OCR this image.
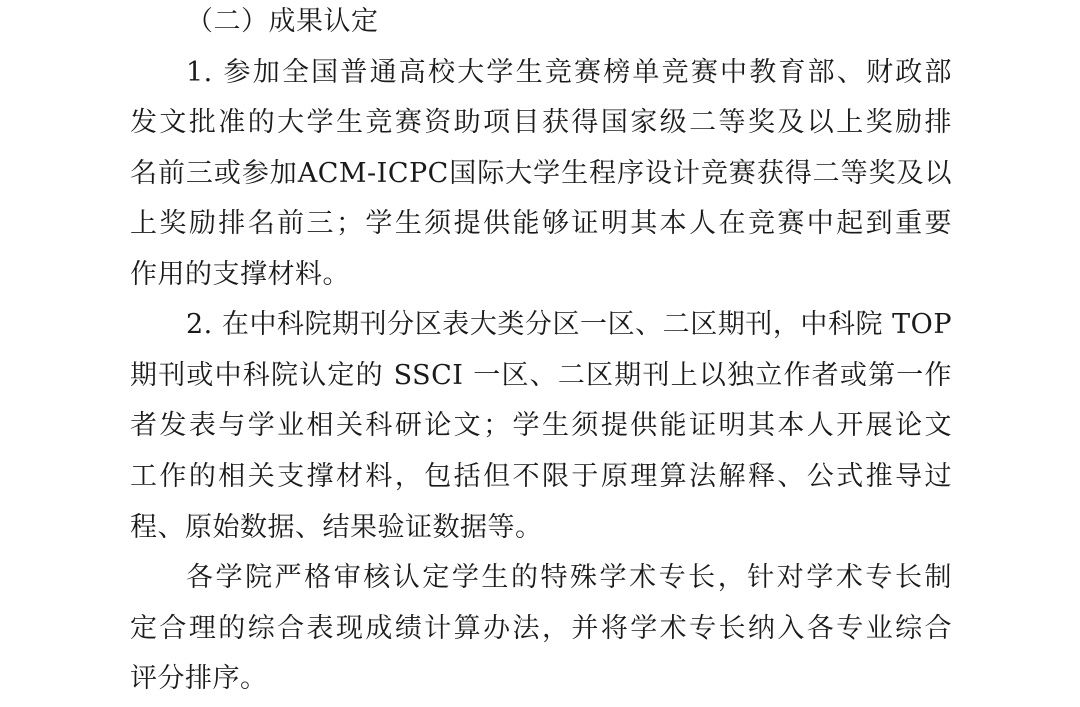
（二）成果认定
1. 参加全国普通高校大学生竞赛榜单竞赛中教育部、财政部
发文批准的大学生竞赛资助项目获得国家级二等奖及以上奖励排
名前三或参加ACM-ICPC国际大学生程序设计竞赛获得二等奖及以
上奖励排名前三；学生须提供能够证明其本人在竞赛中起到重要
作用的支撑材料。
2. 在中科院期刊分区表大类分区一区、二区期刊，中科院 TOP
期刊或中科院认定的 SSCI 一区、二区期刊上以独立作者或第一作
者发表与学业相关科研论文；学生须提供能证明其本人开展论文
工作的相关支撑材料，包括但不限于原理算法解释、公式推导过
程、原始数据、结果验证数据等。
各学院严格审核认定学生的特殊学术专长，针对学术专长制
定合理的综合表现成绩计算办法，并将学术专长纳入各专业综合
评分排序。
